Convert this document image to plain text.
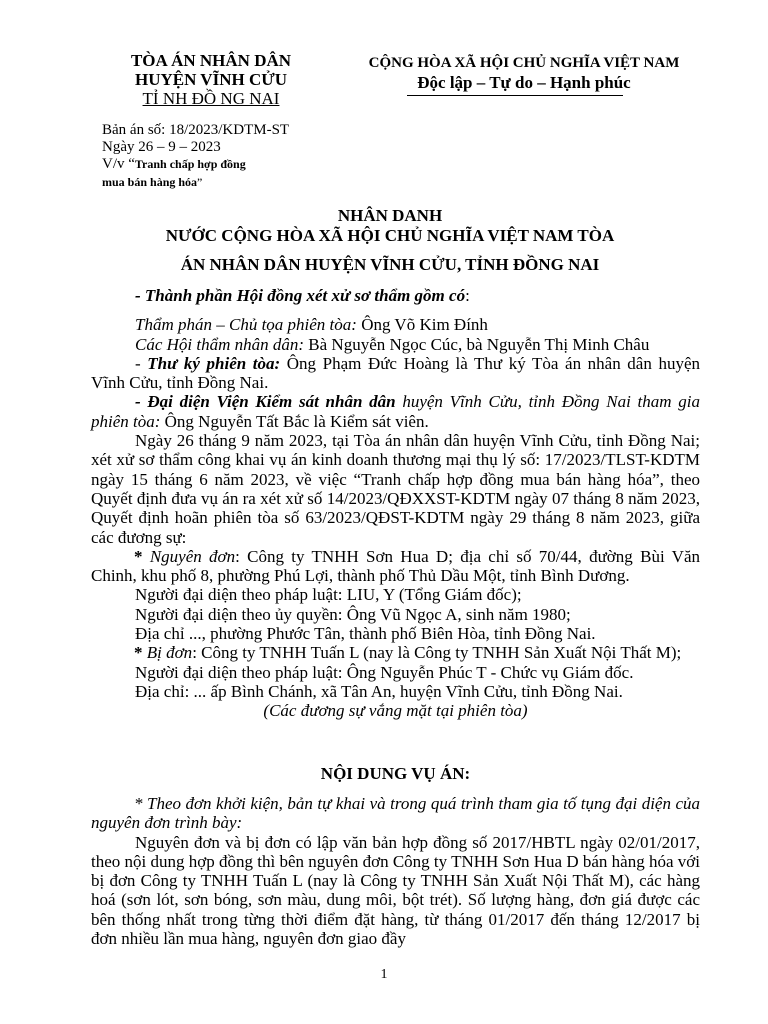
TÒA ÁN NHÂN DÂN
HUYỆN VĨNH CỬU
TỈ NH ĐỒ NG NAI
CỘNG HÒA XÃ HỘI CHỦ NGHĨA VIỆT NAM
Độc lập – Tự do – Hạnh phúc
Bản án số: 18/2023/KDTM-ST
Ngày 26 – 9 – 2023
V/v “Tranh chấp hợp đồng
mua bán hàng hóa”
NHÂN DANH
NƯỚC CỘNG HÒA XÃ HỘI CHỦ NGHĨA VIỆT NAM TÒA
ÁN NHÂN DÂN HUYỆN VĨNH CỬU, TỈNH ĐỒNG NAI

- Thành phần Hội đồng xét xử sơ thẩm gồm có:

Thẩm phán – Chủ tọa phiên tòa: Ông Võ Kim Đính

Các Hội thẩm nhân dân: Bà Nguyễn Ngọc Cúc, bà Nguyễn Thị Minh Châu

- Thư ký phiên tòa: Ông Phạm Đức Hoàng là Thư ký Tòa án nhân dân huyện Vĩnh Cửu, tỉnh Đồng Nai.

- Đại diện Viện Kiểm sát nhân dân huyện Vĩnh Cửu, tỉnh Đồng Nai tham gia phiên tòa: Ông Nguyễn Tất Bắc là Kiểm sát viên.

Ngày 26 tháng 9 năm 2023, tại Tòa án nhân dân huyện Vĩnh Cửu, tỉnh Đồng Nai; xét xử sơ thẩm công khai vụ án kinh doanh thương mại thụ lý số: 17/2023/TLST-KDTM ngày 15 tháng 6 năm 2023, về việc “Tranh chấp hợp đồng mua bán hàng hóa”, theo Quyết định đưa vụ án ra xét xử số 14/2023/QĐXXST-KDTM ngày 07 tháng 8 năm 2023, Quyết định hoãn phiên tòa số 63/2023/QĐST-KDTM ngày 29 tháng 8 năm 2023, giữa các đương sự:

* Nguyên đơn: Công ty TNHH Sơn Hua D; địa chỉ số 70/44, đường Bùi Văn Chinh, khu phố 8, phường Phú Lợi, thành phố Thủ Dầu Một, tỉnh Bình Dương.

Người đại diện theo pháp luật: LIU, Y (Tổng Giám đốc);

Người đại diện theo ủy quyền: Ông Vũ Ngọc A, sinh năm 1980;

Địa chỉ ..., phường Phước Tân, thành phố Biên Hòa, tỉnh Đồng Nai.

* Bị đơn: Công ty TNHH Tuấn L (nay là Công ty TNHH Sản Xuất Nội Thất M);

Người đại diện theo pháp luật: Ông Nguyễn Phúc T - Chức vụ Giám đốc.

Địa chỉ: ... ấp Bình Chánh, xã Tân An, huyện Vĩnh Cửu, tỉnh Đồng Nai.

(Các đương sự vắng mặt tại phiên tòa)

NỘI DUNG VỤ ÁN:

* Theo đơn khởi kiện, bản tự khai và trong quá trình tham gia tố tụng đại diện của nguyên đơn trình bày:

Nguyên đơn và bị đơn có lập văn bản hợp đồng số 2017/HBTL ngày 02/01/2017, theo nội dung hợp đồng thì bên nguyên đơn Công ty TNHH Sơn Hua D bán hàng hóa với bị đơn Công ty TNHH Tuấn L (nay là Công ty TNHH Sản Xuất Nội Thất M), các hàng hoá (sơn lót, sơn bóng, sơn màu, dung môi, bột trét). Số lượng hàng, đơn giá được các bên thống nhất trong từng thời điểm đặt hàng, từ tháng 01/2017 đến tháng 12/2017 bị đơn nhiều lần mua hàng, nguyên đơn giao đầy

1
